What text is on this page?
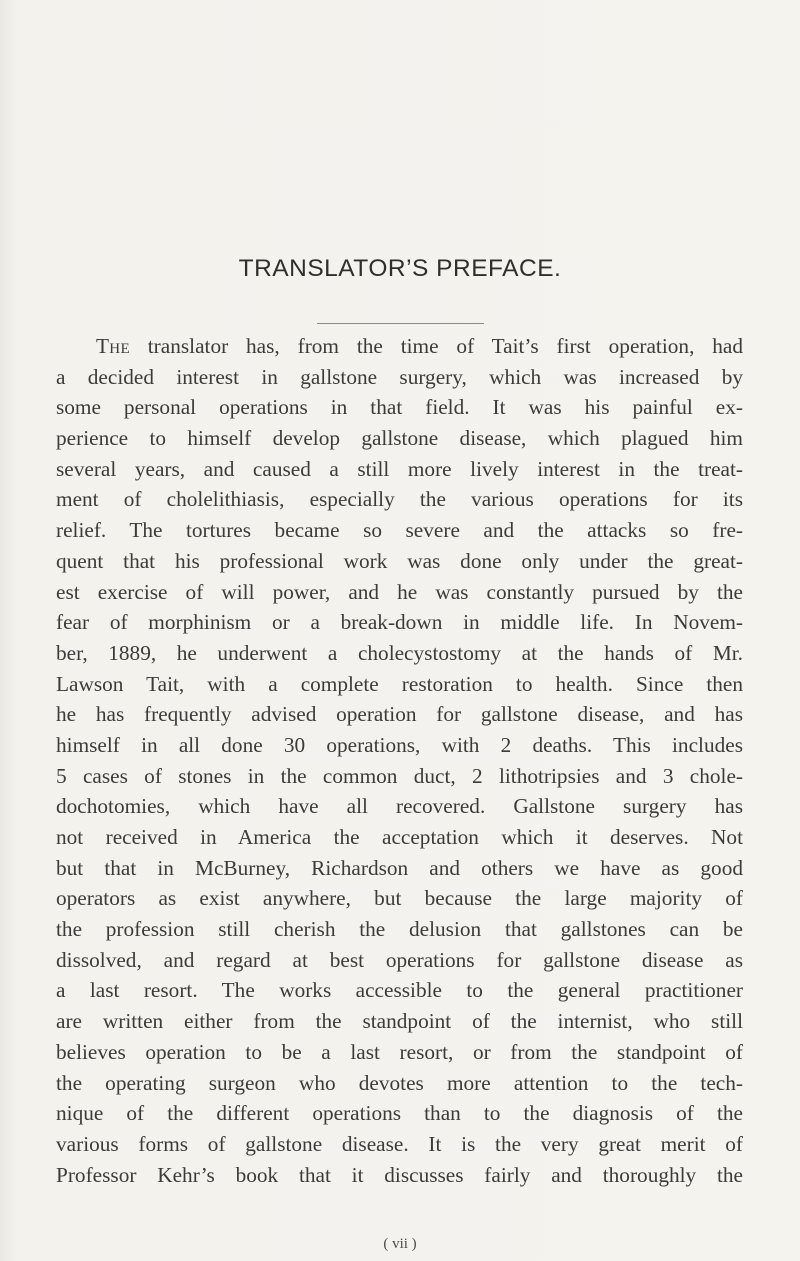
TRANSLATOR’S PREFACE.
The translator has, from the time of Tait’s first operation, had
a decided interest in gallstone surgery, which was increased by
some personal operations in that field. It was his painful ex-
perience to himself develop gallstone disease, which plagued him
several years, and caused a still more lively interest in the treat-
ment of cholelithiasis, especially the various operations for its
relief. The tortures became so severe and the attacks so fre-
quent that his professional work was done only under the great-
est exercise of will power, and he was constantly pursued by the
fear of morphinism or a break-down in middle life. In Novem-
ber, 1889, he underwent a cholecystostomy at the hands of Mr.
Lawson Tait, with a complete restoration to health. Since then
he has frequently advised operation for gallstone disease, and has
himself in all done 30 operations, with 2 deaths. This includes
5 cases of stones in the common duct, 2 lithotripsies and 3 chole-
dochotomies, which have all recovered. Gallstone surgery has
not received in America the acceptation which it deserves. Not
but that in McBurney, Richardson and others we have as good
operators as exist anywhere, but because the large majority of
the profession still cherish the delusion that gallstones can be
dissolved, and regard at best operations for gallstone disease as
a last resort. The works accessible to the general practitioner
are written either from the standpoint of the internist, who still
believes operation to be a last resort, or from the standpoint of
the operating surgeon who devotes more attention to the tech-
nique of the different operations than to the diagnosis of the
various forms of gallstone disease. It is the very great merit of
Professor Kehr’s book that it discusses fairly and thoroughly the
( vii )
